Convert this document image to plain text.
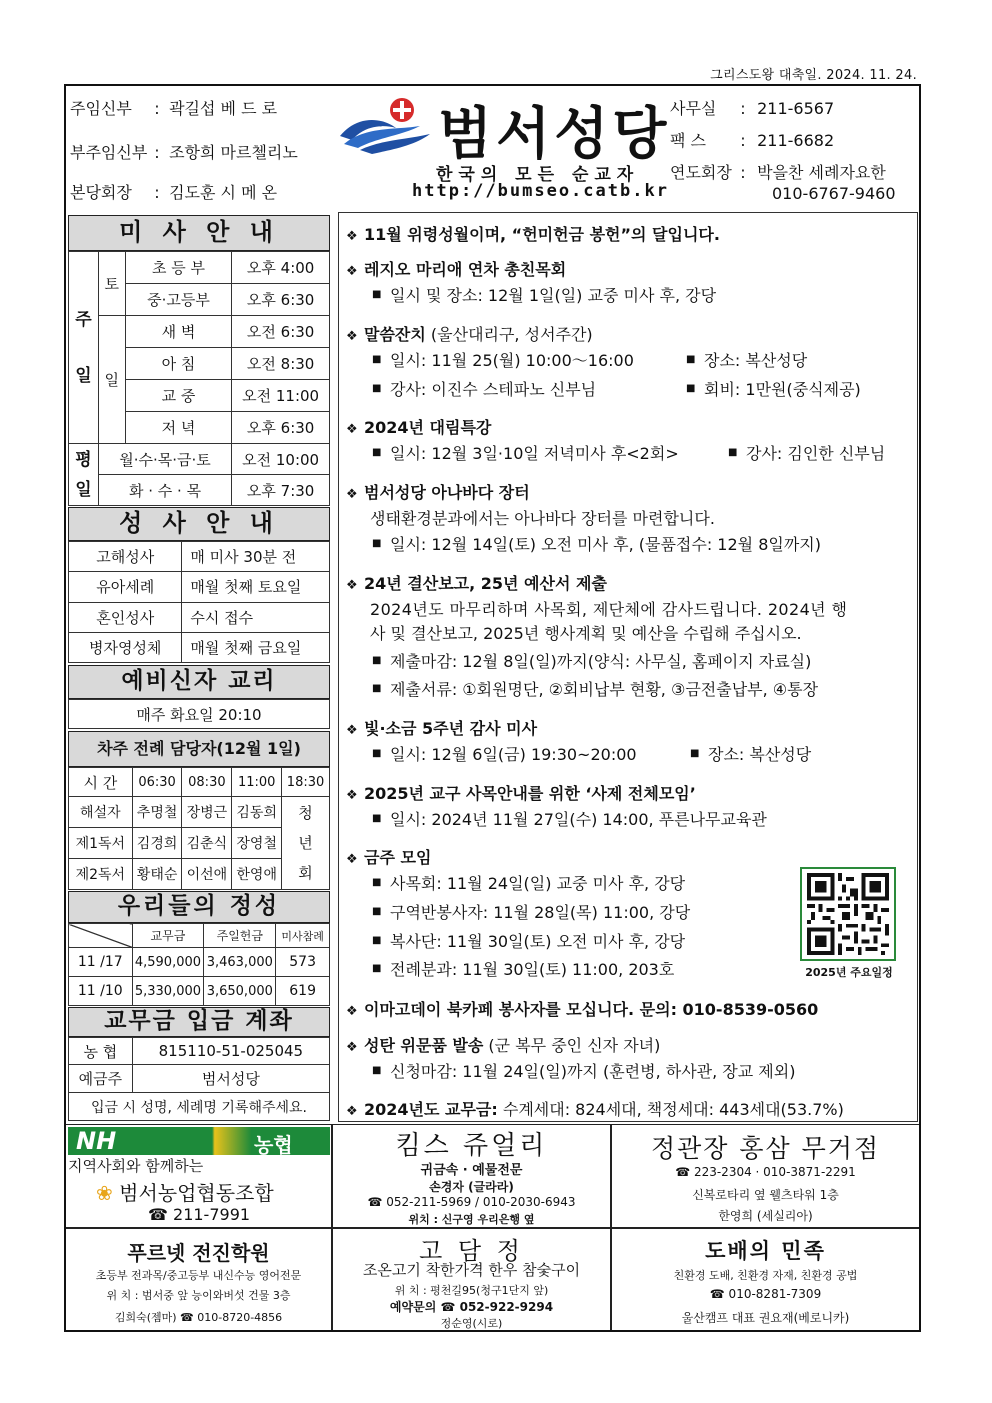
그리스도왕 대축일. 2024. 11. 24.
주임신부 : 곽길섭 베 드 로
부주임신부 : 조항희 마르첼리노
본당회장 : 김도훈 시 메 온
범서성당
한국의 모든 순교자
http://bumseo.catb.kr
사무실 : 211-6567
팩 스 : 211-6682
연도회장 : 박을찬 세례자요한
010-6767-9460
미 사 안 내
주 일	토	초 등 부	오후 4:00
		중·고등부	오후 6:30
	일	새 벽	오전 6:30
		아 침	오전 8:30
		교 중	오전 11:00
		저 녁	오후 6:30
평 일	월·수·목·금·토		오전 10:00
	화 · 수 · 목		오후 7:30
성 사 안 내
고해성사	매 미사 30분 전
유아세례	매월 첫째 토요일
혼인성사	수시 접수
병자영성체	매월 첫째 금요일
예비신자 교리
매주 화요일 20:10
차주 전례 담당자(12월 1일)
시 간	06:30	08:30	11:00	18:30
해설자	추명철	장병근	김동희	청 년 회
제1독서	김경희	김춘식	장영철	
제2독서	황태순	이선애	한영애	
우리들의 정성
	교무금	주일헌금	미사참례
11 /17	4,590,000	3,463,000	573
11 /10	5,330,000	3,650,000	619
교무금 입금 계좌
농 협	815110-51-025045
예금주	범서성당
입금 시 성명, 세례명 기록해주세요.	
❖ 11월 위령성월이며, “헌미헌금 봉헌”의 달입니다.
❖ 레지오 마리애 연차 총친목회
■ 일시 및 장소: 12월 1일(일) 교중 미사 후, 강당
❖ 말씀잔치 (울산대리구, 성서주간)
■ 일시: 11월 25(월) 10:00～16:00	■ 장소: 복산성당
■ 강사: 이진수 스테파노 신부님	■ 회비: 1만원(중식제공)
❖ 2024년 대림특강
■ 일시: 12월 3일·10일 저녁미사 후<2회>	■ 강사: 김인한 신부님
❖ 범서성당 아나바다 장터
생태환경분과에서는 아나바다 장터를 마련합니다.
■ 일시: 12월 14일(토) 오전 미사 후, (물품접수: 12월 8일까지)
❖ 24년 결산보고, 25년 예산서 제출
2024년도 마무리하며 사목회, 제단체에 감사드립니다. 2024년 행
사 및 결산보고, 2025년 행사계획 및 예산을 수립해 주십시오.
■ 제출마감: 12월 8일(일)까지(양식: 사무실, 홈페이지 자료실)
■ 제출서류: ①회원명단, ②회비납부 현황, ③금전출납부, ④통장
❖ 빛·소금 5주년 감사 미사
■ 일시: 12월 6일(금) 19:30~20:00	■ 장소: 복산성당
❖ 2025년 교구 사목안내를 위한 ‘사제 전체모임’
■ 일시: 2024년 11월 27일(수) 14:00, 푸른나무교육관
❖ 금주 모임
■ 사목회: 11월 24일(일) 교중 미사 후, 강당
■ 구역반봉사자: 11월 28일(목) 11:00, 강당
■ 복사단: 11월 30일(토) 오전 미사 후, 강당
■ 전례분과: 11월 30일(토) 11:00, 203호	2025년 주요일정
❖ 이마고데이 북카페 봉사자를 모십니다. 문의: 010-8539-0560
❖ 성탄 위문품 발송 (군 복무 중인 신자 자녀)
■ 신청마감: 11월 24일(일)까지 (훈련병, 하사관, 장교 제외)
❖ 2024년도 교무금: 수계세대: 824세대, 책정세대: 443세대(53.7%)
NH	농협
지역사회와 함께하는
❀ 범서농업협동조합
☎ 211-7991
킴스 쥬얼리
귀금속 · 예물전문
손경자 (글라라)
☎ 052-211-5969 / 010-2030-6943
위치 : 신구영 우리은행 옆
정관장 홍삼 무거점
☎ 223-2304 · 010-3871-2291
신복로타리 옆 웰츠타워 1층
한영희 (세실리아)
푸르넷 전진학원
초등부 전과목/중고등부 내신수능 영어전문
위 치 : 범서중 앞 능이와버섯 건물 3층
김희숙(젬마) ☎ 010-8720-4856
고 담 정
조온고기 착한가격 한우 참숯구이
위 치 : 평천길95(청구1단지 앞)
예약문의 ☎ 052-922-9294
정순영(시로)
도배의 민족
친환경 도배, 친환경 자재, 친환경 공법
☎ 010-8281-7309
울산캠프 대표 권요재(베로니카)
